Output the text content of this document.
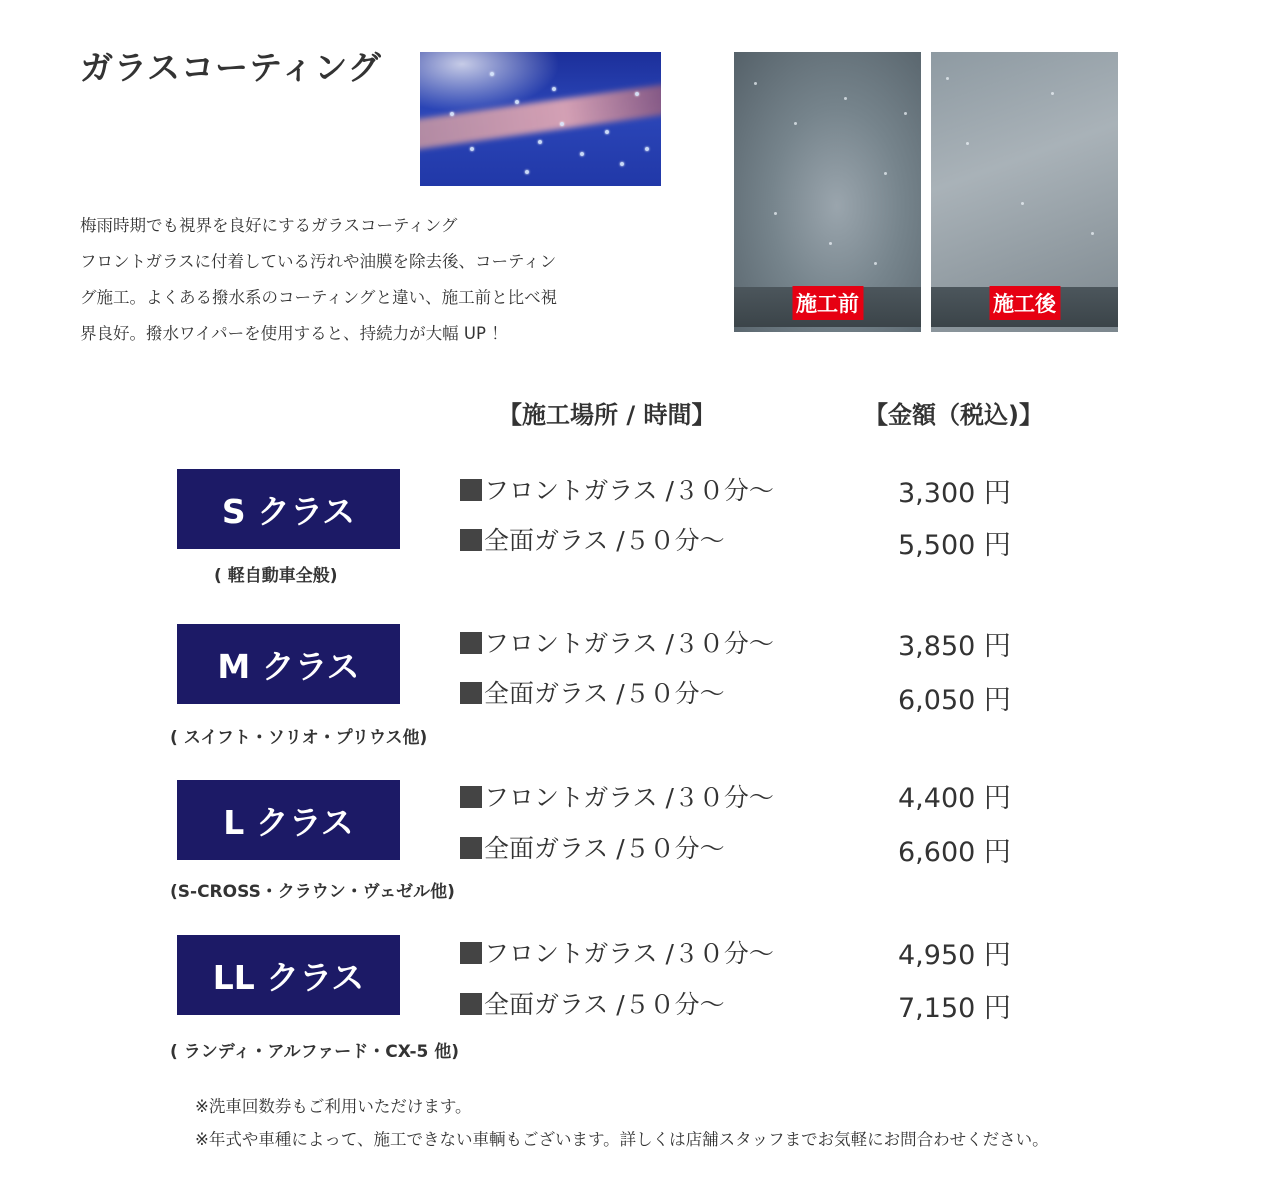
ガラスコーティング
梅雨時期でも視界を良好にするガラスコーティング
フロントガラスに付着している汚れや油膜を除去後、コーティン
グ施工。よくある撥水系のコーティングと違い、施工前と比べ視
界良好。撥水ワイパーを使用すると、持続力が大幅 UP ！
施工前	施工後
【施工場所 / 時間】	【金額（税込)】
S クラス
( 軽自動車全般)
フロントガラス /３０分〜
全面ガラス /５０分〜
3,300 円
5,500 円
M クラス
( スイフト・ソリオ・プリウス他)
フロントガラス /３０分〜
全面ガラス /５０分〜
3,850 円
6,050 円
L クラス
(S-CROSS・クラウン・ヴェゼル他)
フロントガラス /３０分〜
全面ガラス /５０分〜
4,400 円
6,600 円
LL クラス
( ランディ・アルファード・CX-5 他)
フロントガラス /３０分〜
全面ガラス /５０分〜
4,950 円
7,150 円
※洗車回数券もご利用いただけます。
※年式や車種によって、施工できない車輌もございます。詳しくは店舗スタッフまでお気軽にお問合わせください。
